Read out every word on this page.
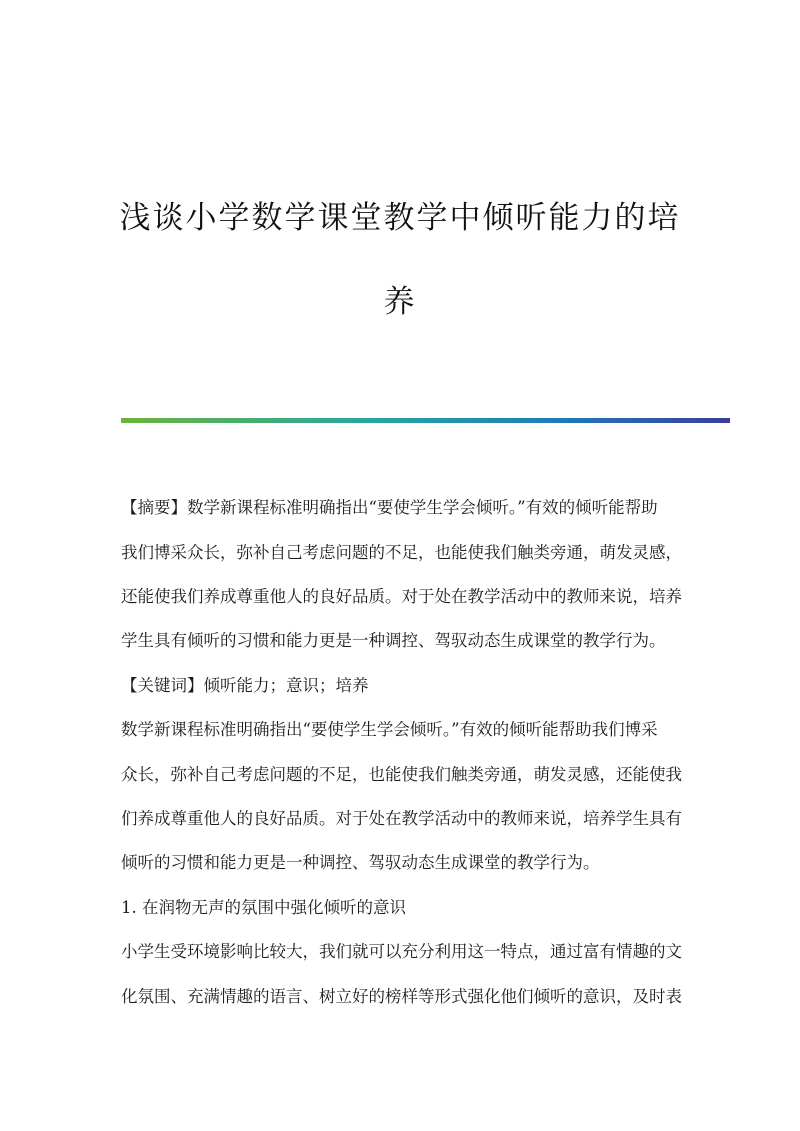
浅谈小学数学课堂教学中倾听能力的培
养
【摘要】数学新课程标准明确指出“要使学生学会倾听。”有效的倾听能帮助
我们博采众长，弥补自己考虑问题的不足，也能使我们触类旁通，萌发灵感，
还能使我们养成尊重他人的良好品质。对于处在教学活动中的教师来说，培养
学生具有倾听的习惯和能力更是一种调控、驾驭动态生成课堂的教学行为。
【关键词】倾听能力；意识；培养
数学新课程标准明确指出“要使学生学会倾听。”有效的倾听能帮助我们博采
众长，弥补自己考虑问题的不足，也能使我们触类旁通，萌发灵感，还能使我
们养成尊重他人的良好品质。对于处在教学活动中的教师来说，培养学生具有
倾听的习惯和能力更是一种调控、驾驭动态生成课堂的教学行为。
1. 在润物无声的氛围中强化倾听的意识
小学生受环境影响比较大，我们就可以充分利用这一特点，通过富有情趣的文
化氛围、充满情趣的语言、树立好的榜样等形式强化他们倾听的意识，及时表
